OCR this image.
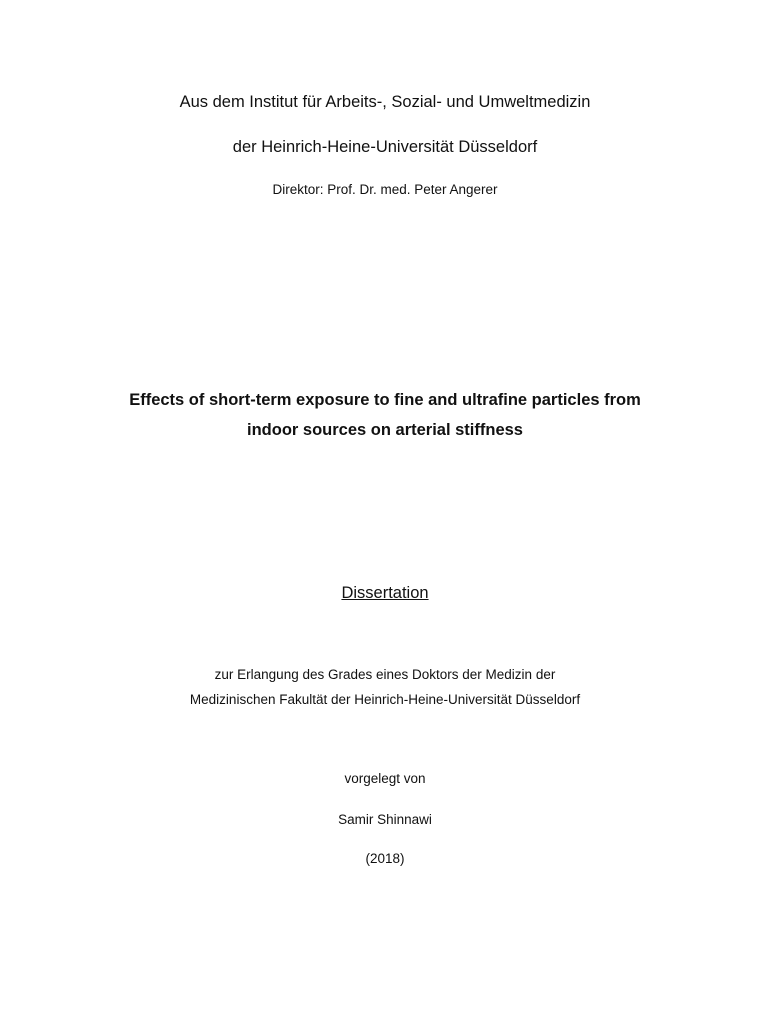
Aus dem Institut für Arbeits-, Sozial- und Umweltmedizin
der Heinrich-Heine-Universität Düsseldorf
Direktor: Prof. Dr. med. Peter Angerer
Effects of short-term exposure to fine and ultrafine particles from
indoor sources on arterial stiffness
Dissertation
zur Erlangung des Grades eines Doktors der Medizin der
Medizinischen Fakultät der Heinrich-Heine-Universität Düsseldorf
vorgelegt von
Samir Shinnawi
(2018)
